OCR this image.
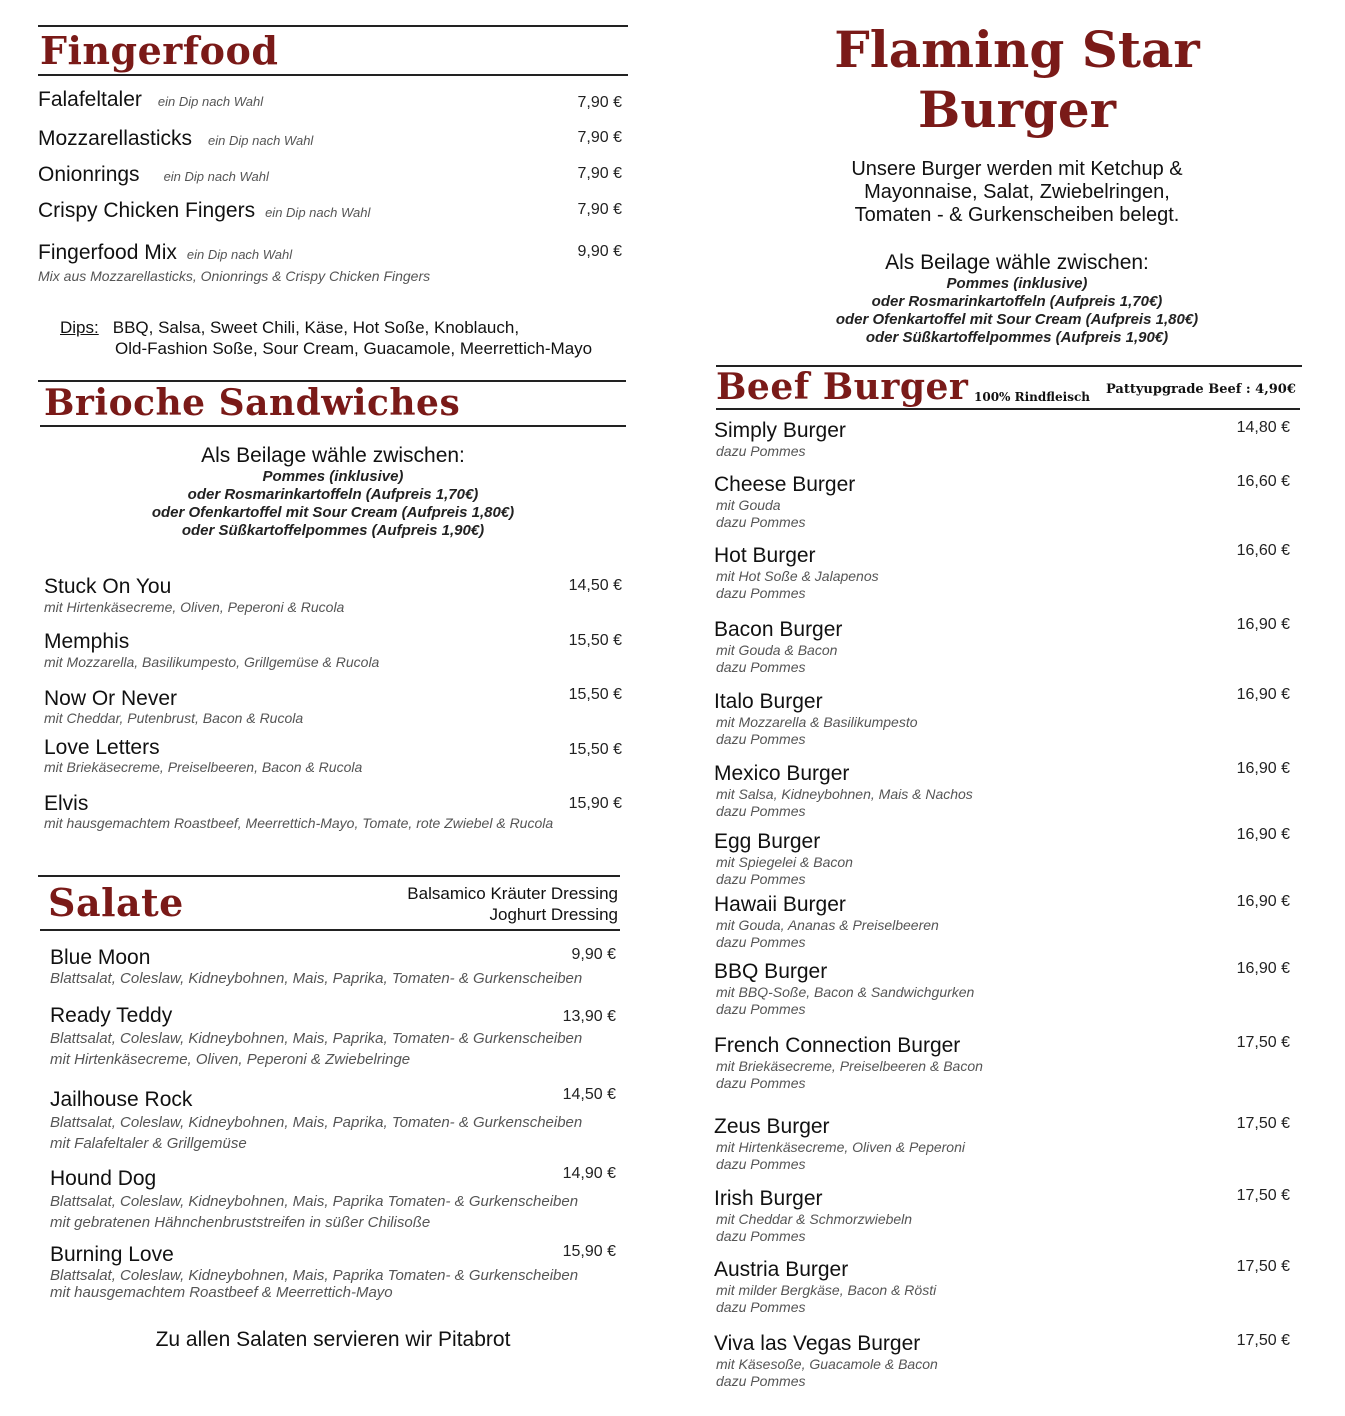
Fingerfood
Falafeltaler ein Dip nach Wahl	7,90 €
Mozzarellasticks ein Dip nach Wahl	7,90 €
Onionrings ein Dip nach Wahl	7,90 €
Crispy Chicken Fingers ein Dip nach Wahl	7,90 €
Fingerfood Mix ein Dip nach Wahl	9,90 €
Mix aus Mozzarellasticks, Onionrings & Crispy Chicken Fingers
Dips: BBQ, Salsa, Sweet Chili, Käse, Hot Soße, Knoblauch,
Old-Fashion Soße, Sour Cream, Guacamole, Meerrettich-Mayo
Brioche Sandwiches
Als Beilage wähle zwischen:
Pommes (inklusive)
oder Rosmarinkartoffeln (Aufpreis 1,70€)
oder Ofenkartoffel mit Sour Cream (Aufpreis 1,80€)
oder Süßkartoffelpommes (Aufpreis 1,90€)
Stuck On You
mit Hirtenkäsecreme, Oliven, Peperoni & Rucola
14,50 €
Memphis
mit Mozzarella, Basilikumpesto, Grillgemüse & Rucola
15,50 €
Now Or Never
mit Cheddar, Putenbrust, Bacon & Rucola
15,50 €
Love Letters
mit Briekäsecreme, Preiselbeeren, Bacon & Rucola
15,50 €
Elvis
mit hausgemachtem Roastbeef, Meerrettich-Mayo, Tomate, rote Zwiebel & Rucola
15,90 €
Salate	Balsamico Kräuter Dressing
Joghurt Dressing
Blue Moon
Blattsalat, Coleslaw, Kidneybohnen, Mais, Paprika, Tomaten- & Gurkenscheiben
9,90 €
Ready Teddy
Blattsalat, Coleslaw, Kidneybohnen, Mais, Paprika, Tomaten- & Gurkenscheiben
mit Hirtenkäsecreme, Oliven, Peperoni & Zwiebelringe
13,90 €
Jailhouse Rock
Blattsalat, Coleslaw, Kidneybohnen, Mais, Paprika, Tomaten- & Gurkenscheiben
mit Falafeltaler & Grillgemüse
14,50 €
Hound Dog
Blattsalat, Coleslaw, Kidneybohnen, Mais, Paprika Tomaten- & Gurkenscheiben
mit gebratenen Hähnchenbruststreifen in süßer Chilisoße
14,90 €
Burning Love
Blattsalat, Coleslaw, Kidneybohnen, Mais, Paprika Tomaten- & Gurkenscheiben
mit hausgemachtem Roastbeef & Meerrettich-Mayo
15,90 €
Zu allen Salaten servieren wir Pitabrot
Flaming Star
Burger
Unsere Burger werden mit Ketchup &
Mayonnaise, Salat, Zwiebelringen,
Tomaten - & Gurkenscheiben belegt.
Als Beilage wähle zwischen:
Pommes (inklusive)
oder Rosmarinkartoffeln (Aufpreis 1,70€)
oder Ofenkartoffel mit Sour Cream (Aufpreis 1,80€)
oder Süßkartoffelpommes (Aufpreis 1,90€)
Beef Burger 100% Rindfleisch Pattyupgrade Beef : 4,90€
Simply Burger
dazu Pommes
14,80 €
Cheese Burger
mit Gouda
dazu Pommes
16,60 €
Hot Burger
mit Hot Soße & Jalapenos
dazu Pommes
16,60 €
Bacon Burger
mit Gouda & Bacon
dazu Pommes
16,90 €
Italo Burger
mit Mozzarella & Basilikumpesto
dazu Pommes
16,90 €
Mexico Burger
mit Salsa, Kidneybohnen, Mais & Nachos
dazu Pommes
16,90 €
Egg Burger
mit Spiegelei & Bacon
dazu Pommes
16,90 €
Hawaii Burger
mit Gouda, Ananas & Preiselbeeren
dazu Pommes
16,90 €
BBQ Burger
mit BBQ-Soße, Bacon & Sandwichgurken
dazu Pommes
16,90 €
French Connection Burger
mit Briekäsecreme, Preiselbeeren & Bacon
dazu Pommes
17,50 €
Zeus Burger
mit Hirtenkäsecreme, Oliven & Peperoni
dazu Pommes
17,50 €
Irish Burger
mit Cheddar & Schmorzwiebeln
dazu Pommes
17,50 €
Austria Burger
mit milder Bergkäse, Bacon & Rösti
dazu Pommes
17,50 €
Viva las Vegas Burger
mit Käsesoße, Guacamole & Bacon
dazu Pommes
17,50 €
